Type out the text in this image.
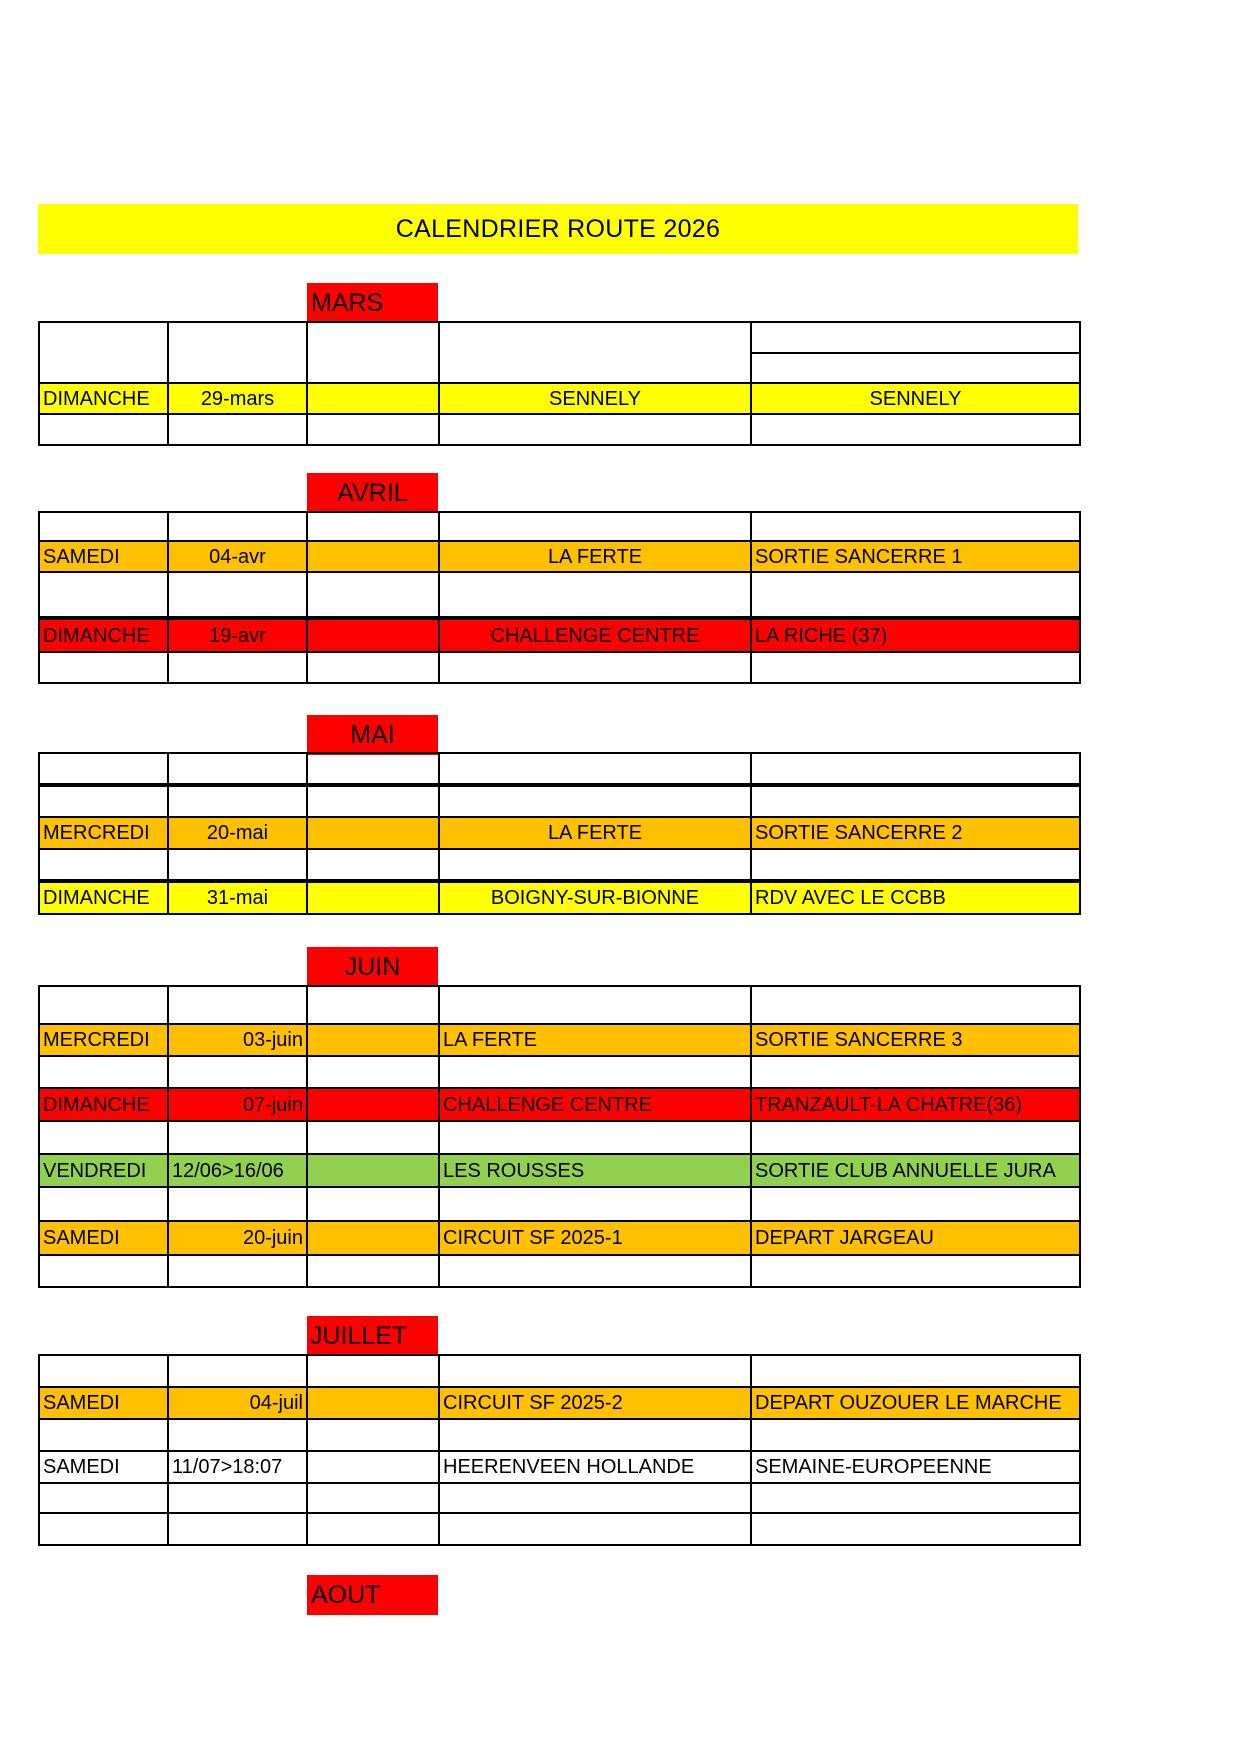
CALENDRIER ROUTE 2026
MARS

DIMANCHE	29-mars		SENNELY	SENNELY

AVRIL

SAMEDI	04-avr		LA FERTE	SORTIE SANCERRE 1

DIMANCHE	19-avr		CHALLENGE CENTRE	LA RICHE (37)

MAI

MERCREDI	20-mai		LA FERTE	SORTIE SANCERRE 2

DIMANCHE	31-mai		BOIGNY-SUR-BIONNE	RDV AVEC LE CCBB
JUIN

MERCREDI	03-juin		LA FERTE	SORTIE SANCERRE 3

DIMANCHE	07-juin		CHALLENGE CENTRE	TRANZAULT-LA CHATRE(36)

VENDREDI	12/06>16/06		LES ROUSSES	SORTIE CLUB ANNUELLE JURA

SAMEDI	20-juin		CIRCUIT SF 2025-1	DEPART JARGEAU

JUILLET

SAMEDI	04-juil		CIRCUIT SF 2025-2	DEPART OUZOUER LE MARCHE

SAMEDI	11/07>18:07		HEERENVEEN HOLLANDE	SEMAINE-EUROPEENNE

AOUT
